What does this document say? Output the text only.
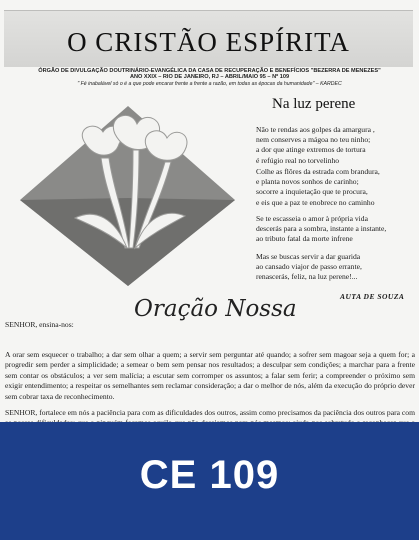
O CRISTÃO ESPÍRITA
ÓRGÃO DE DIVULGAÇÃO DOUTRINÁRIO-EVANGÉLICA DA CASA DE RECUPERAÇÃO E BENEFÍCIOS "BEZERRA DE MENEZES"
ANO XXIX – RIO DE JANEIRO, RJ – ABRIL/MAIO 95 – Nº 109
" Fé inabalável só o é a que pode encarar frente a frente a razão, em todas as épocas da humanidade" – KARDEC
Na luz perene
Não te rendas aos golpes da amargura ,
nem conserves a mágoa no teu ninho;
a dor que atinge extremos de tortura
é refúgio real no torvelinho
Colhe as flôres da estrada com brandura,
e planta novos sonhos de carinho;
socorre a inquietação que te procura,
e eis que a paz te enobrece no caminho
Se te escasseia o amor à própria vida
descerás para a sombra, instante a instante,
ao tributo fatal da morte infrene
Mas se buscas servir a dar guarida
ao cansado viajor de passo errante,
renascerás, feliz, na luz perene!...
AUTA DE SOUZA
Oração Nossa
SENHOR, ensina-nos:
A orar sem esquecer o trabalho; a dar sem olhar a quem; a servir sem perguntar até quando; a sofrer sem magoar seja a quem for; a progredir sem perder a simplicidade; a semear o bem sem pensar nos resultados; a desculpar sem condições; a marchar para a frente sem contar os obstáculos; a ver sem malícia; a escutar sem corromper os assuntos; a falar sem ferir; a compreender o próximo sem exigir entendimento; a respeitar os semelhantes sem reclamar consideração; a dar o melhor de nós, além da execução do próprio dever sem cobrar taxa de reconhecimento.
SENHOR, fortalece em nós a paciência para com as dificuldades dos outros, assim como precisamos da paciência dos outros para com
CE 109
